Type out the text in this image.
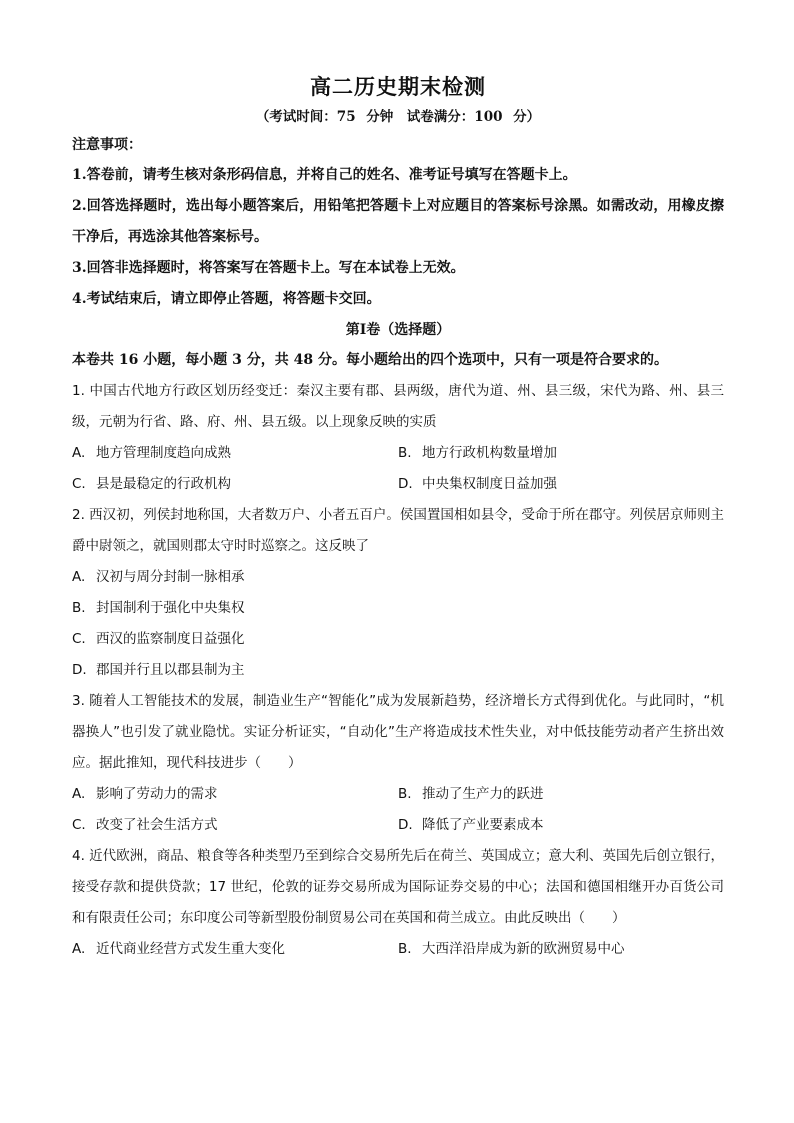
高二历史期末检测
（考试时间：75 分钟　试卷满分：100 分）
注意事项：
1.答卷前，请考生核对条形码信息，并将自己的姓名、准考证号填写在答题卡上。
2.回答选择题时，选出每小题答案后，用铅笔把答题卡上对应题目的答案标号涂黑。如需改动，用橡皮擦干净后，再选涂其他答案标号。
3.回答非选择题时，将答案写在答题卡上。写在本试卷上无效。
4.考试结束后，请立即停止答题，将答题卡交回。
第Ⅰ卷（选择题）
本卷共 16 小题，每小题 3 分，共 48 分。每小题给出的四个选项中，只有一项是符合要求的。
1. 中国古代地方行政区划历经变迁：秦汉主要有郡、县两级，唐代为道、州、县三级，宋代为路、州、县三级，元朝为行省、路、府、州、县五级。以上现象反映的实质
A. 地方管理制度趋向成熟	B. 地方行政机构数量增加
C. 县是最稳定的行政机构	D. 中央集权制度日益加强
2. 西汉初，列侯封地称国，大者数万户、小者五百户。侯国置国相如县令，受命于所在郡守。列侯居京师则主爵中尉领之，就国则郡太守时时巡察之。这反映了
A. 汉初与周分封制一脉相承
B. 封国制利于强化中央集权
C. 西汉的监察制度日益强化
D. 郡国并行且以郡县制为主
3. 随着人工智能技术的发展，制造业生产“智能化”成为发展新趋势，经济增长方式得到优化。与此同时，“机器换人”也引发了就业隐忧。实证分析证实，“自动化”生产将造成技术性失业，对中低技能劳动者产生挤出效应。据此推知，现代科技进步（　　）
A. 影响了劳动力的需求	B. 推动了生产力的跃进
C. 改变了社会生活方式	D. 降低了产业要素成本
4. 近代欧洲，商品、粮食等各种类型乃至到综合交易所先后在荷兰、英国成立；意大利、英国先后创立银行，接受存款和提供贷款；17 世纪，伦敦的证券交易所成为国际证券交易的中心；法国和德国相继开办百货公司和有限责任公司；东印度公司等新型股份制贸易公司在英国和荷兰成立。由此反映出（　　）
A. 近代商业经营方式发生重大变化	B. 大西洋沿岸成为新的欧洲贸易中心
